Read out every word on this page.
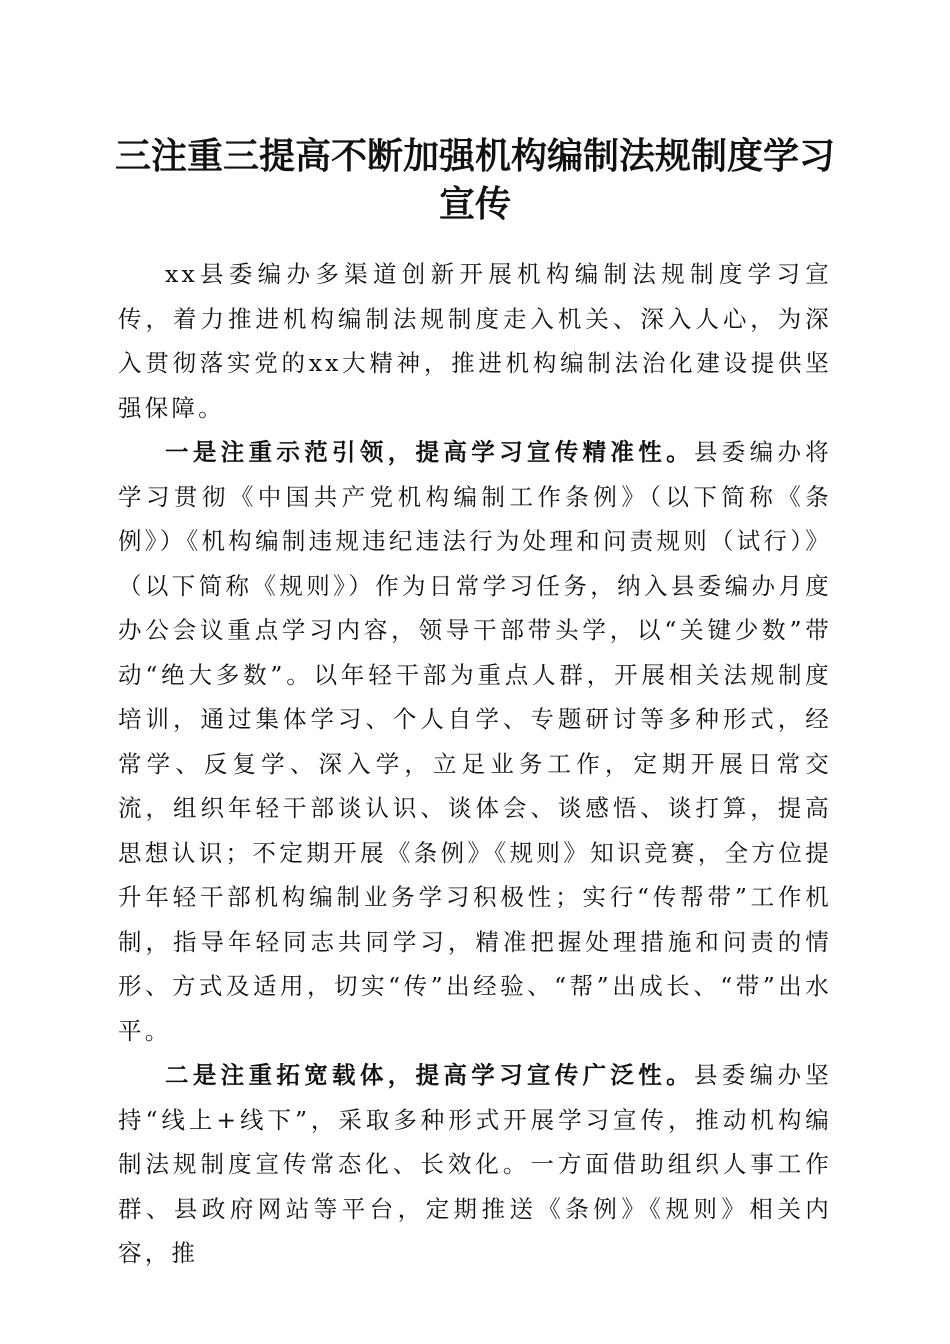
三注重三提高不断加强机构编制法规制度学习宣传

xx县委编办多渠道创新开展机构编制法规制度学习宣传，着力推进机构编制法规制度走入机关、深入人心，为深入贯彻落实党的xx大精神，推进机构编制法治化建设提供坚强保障。

一是注重示范引领，提高学习宣传精准性。县委编办将学习贯彻《中国共产党机构编制工作条例》（以下简称《条例》）《机构编制违规违纪违法行为处理和问责规则（试行）》（以下简称《规则》）作为日常学习任务，纳入县委编办月度办公会议重点学习内容，领导干部带头学，以“关键少数”带动“绝大多数”。以年轻干部为重点人群，开展相关法规制度培训，通过集体学习、个人自学、专题研讨等多种形式，经常学、反复学、深入学，立足业务工作，定期开展日常交流，组织年轻干部谈认识、谈体会、谈感悟、谈打算，提高思想认识；不定期开展《条例》《规则》知识竞赛，全方位提升年轻干部机构编制业务学习积极性；实行“传帮带”工作机制，指导年轻同志共同学习，精准把握处理措施和问责的情形、方式及适用，切实“传”出经验、“帮”出成长、“带”出水平。

二是注重拓宽载体，提高学习宣传广泛性。县委编办坚持“线上+线下”，采取多种形式开展学习宣传，推动机构编制法规制度宣传常态化、长效化。一方面借助组织人事工作群、县政府网站等平台，定期推送《条例》《规则》相关内容，推
